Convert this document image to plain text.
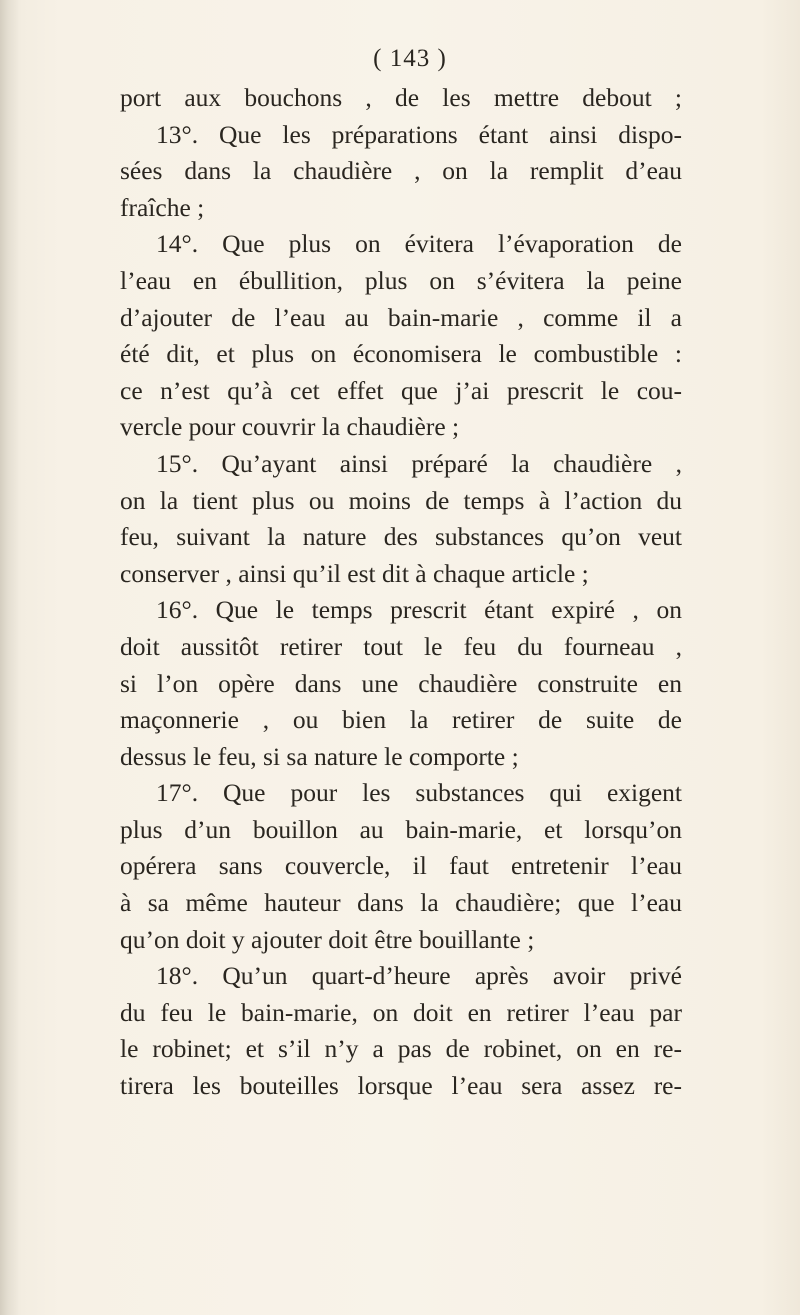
( 143 )
port aux bouchons , de les mettre debout ;
13°. Que les préparations étant ainsi dispo-
sées dans la chaudière , on la remplit d’eau
fraîche ;
14°. Que plus on évitera l’évaporation de
l’eau en ébullition, plus on s’évitera la peine
d’ajouter de l’eau au bain-marie , comme il a
été dit, et plus on économisera le combustible :
ce n’est qu’à cet effet que j’ai prescrit le cou-
vercle pour couvrir la chaudière ;
15°. Qu’ayant ainsi préparé la chaudière ,
on la tient plus ou moins de temps à l’action du
feu, suivant la nature des substances qu’on veut
conserver , ainsi qu’il est dit à chaque article ;
16°. Que le temps prescrit étant expiré , on
doit aussitôt retirer tout le feu du fourneau ,
si l’on opère dans une chaudière construite en
maçonnerie , ou bien la retirer de suite de
dessus le feu, si sa nature le comporte ;
17°. Que pour les substances qui exigent
plus d’un bouillon au bain-marie, et lorsqu’on
opérera sans couvercle, il faut entretenir l’eau
à sa même hauteur dans la chaudière; que l’eau
qu’on doit y ajouter doit être bouillante ;
18°. Qu’un quart-d’heure après avoir privé
du feu le bain-marie, on doit en retirer l’eau par
le robinet; et s’il n’y a pas de robinet, on en re-
tirera les bouteilles lorsque l’eau sera assez re-
